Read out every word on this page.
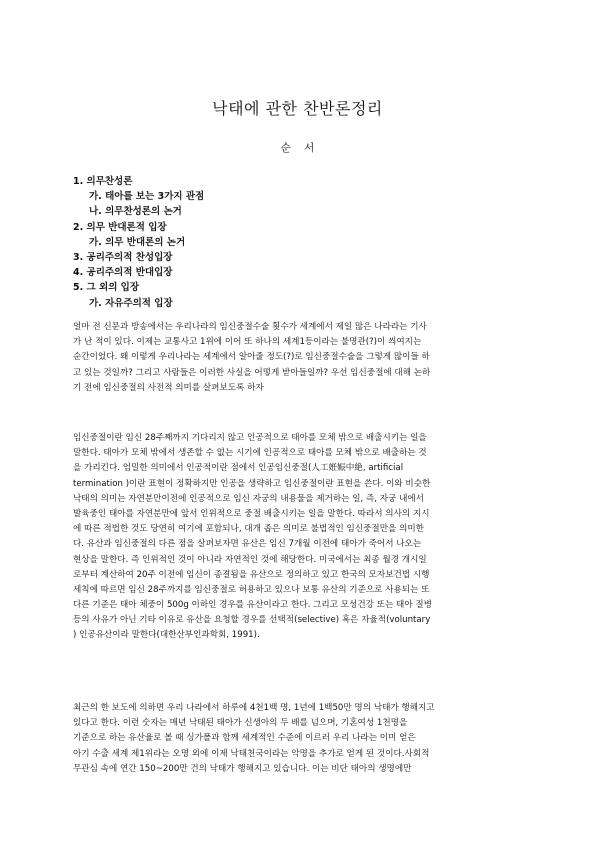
낙태에 관한 찬반론정리
순 서
1. 의무찬성론
가. 태아를 보는 3가지 관점
나. 의무찬성론의 논거
2. 의무 반대론적 입장
가. 의무 반대론의 논거
3. 공리주의적 찬성입장
4. 공리주의적 반대입장
5. 그 외의 입장
가. 자유주의적 입장
얼마 전 신문과 방송에서는 우리나라의 임신중절수술 횟수가 세계에서 제일 많은 나라라는 기사
가 난 적이 있다. 이제는 교통사고 1위에 이어 또 하나의 세계1등이라는 불명관(?)이 씌여지는
순간이었다. 왜 이렇게 우리나라는 세계에서 알아줄 정도(?)로 임신중절수술을 그렇게 많이들 하
고 있는 것일까? 그리고 사람들은 이러한 사실을 어떻게 받아들일까? 우선 임신중절에 대해 논하
기 전에 임신중절의 사전적 의미를 살펴보도록 하자
임신중절이란 임신 28주째까지 기다리지 않고 인공적으로 태아를 모체 밖으로 배출시키는 일을
말한다. 태아가 모체 밖에서 생존할 수 없는 시기에 인공적으로 태아를 모체 밖으로 배출하는 것
을 가리킨다. 엄밀한 의미에서 인공적이란 점에서 인공임신중절(人工姙娠中絶, artificial
termination )이란 표현이 정확하지만 인공을 생략하고 임신중절이란 표현을 쓴다. 이와 비슷한
낙태의 의미는 자연분만이전에 인공적으로 임신 자궁의 내용물을 제거하는 일, 즉, 자궁 내에서
발육중인 태아를 자연분만에 앞서 인위적으로 중절 배출시키는 일을 말한다. 따라서 의사의 지시
에 따른 적법한 것도 당연히 여기에 포함되나, 대개 좁은 의미로 불법적인 임신중절만을 의미한
다. 유산과 임신중절의 다른 점을 살펴보자면 유산은 임신 7개월 이전에 태아가 죽어서 나오는
현상을 말한다. 즉 인위적인 것이 아니라 자연적인 것에 해당한다. 미국에서는 최종 월경 개시일
로부터 계산하여 20주 이전에 임신이 종결됨을 유산으로 정의하고 있고 한국의 모자보건법 시행
세칙에 따르면 임신 28주까지를 임신중절로 허용하고 있으나 보통 유산의 기준으로 사용되는 또
다른 기준은 태아 체중이 500g 이하인 경우를 유산이라고 한다. 그리고 모성건강 또는 태아 질병
등의 사유가 아닌 기타 이유로 유산을 요청할 경우를 선택적(selective) 혹은 자율적(voluntary
) 인공유산이라 말한다(대한산부인과학회, 1991).
최근의 한 보도에 의하면 우리 나라에서 하루에 4천1백 명, 1년에 1백50만 명의 낙태가 행해지고
있다고 한다. 이런 숫자는 매년 낙태된 태아가 신생아의 두 배를 넘으며, 기혼여성 1천명을
기준으로 하는 유산율로 볼 때 싱가폴과 함께 세계적인 수준에 이르러 우리 나라는 이미 얻은
아기 수출 세계 제1위라는 오명 외에 이제 낙태천국이라는 악명을 추가로 얻게 된 것이다.사회적
무관심 속에 연간 150~200만 건의 낙태가 행해지고 있습니다. 이는 비단 태아의 생명에만
